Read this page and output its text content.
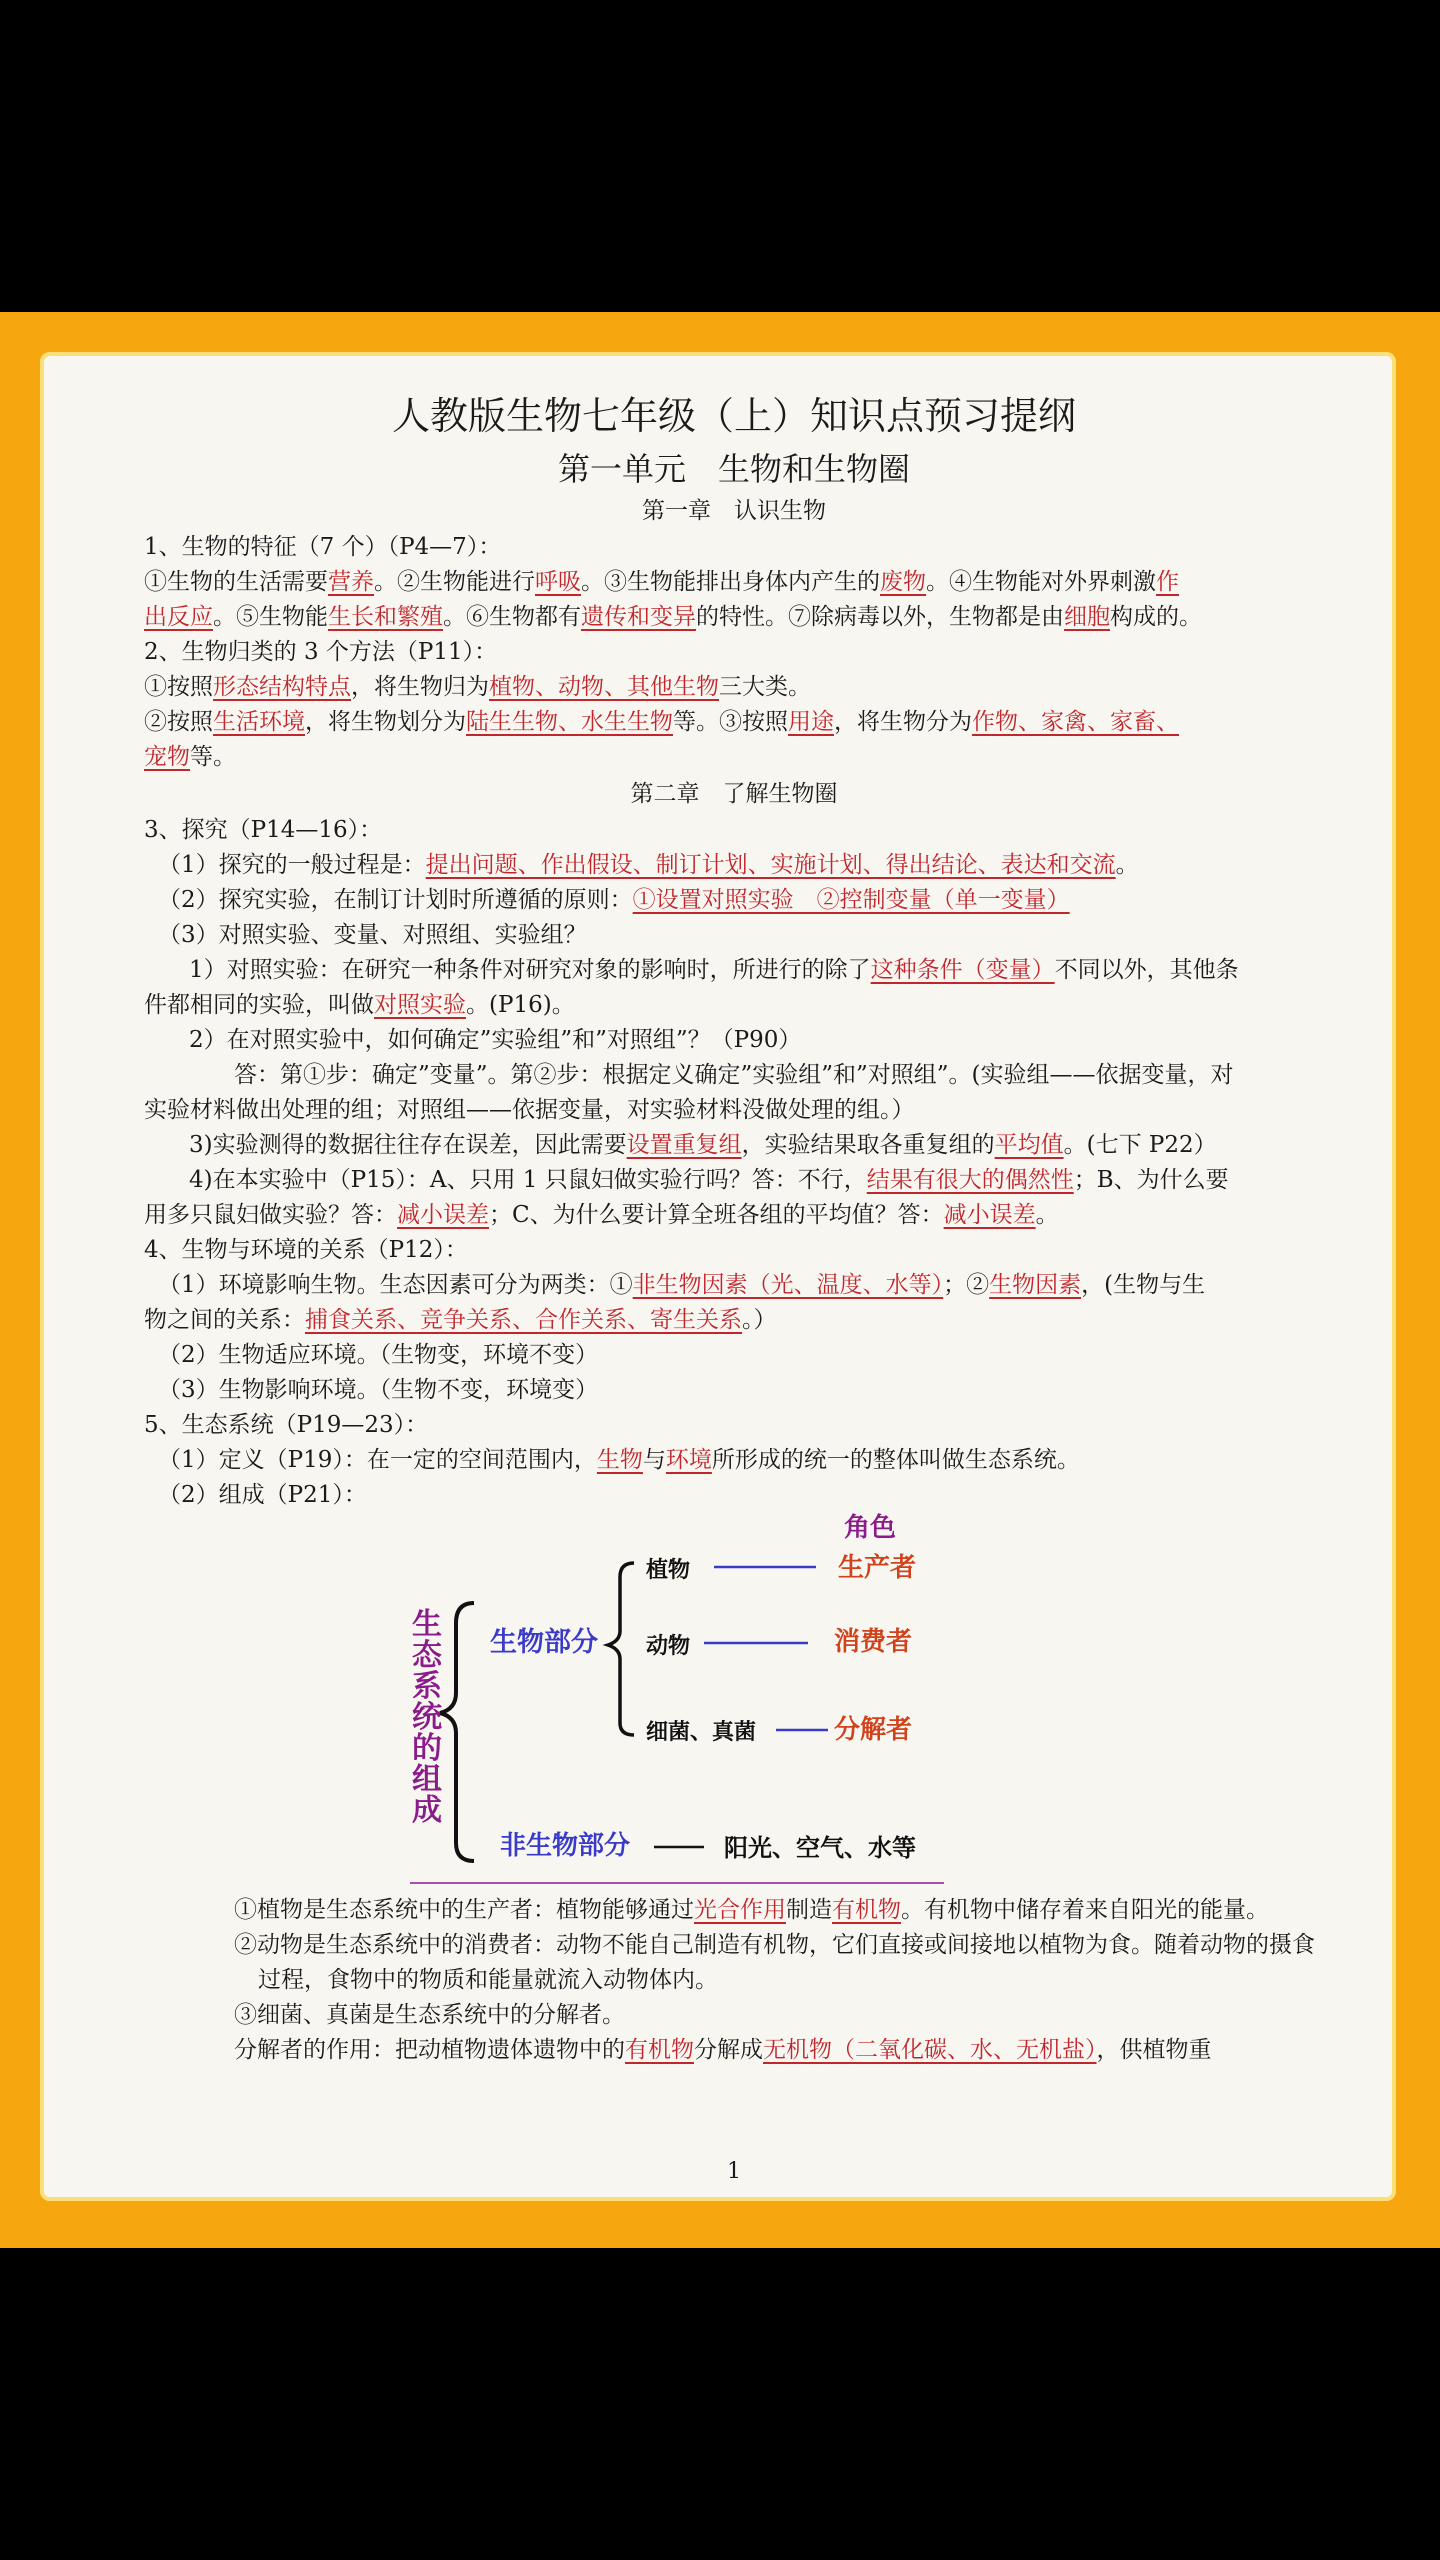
人教版生物七年级（上）知识点预习提纲
第一单元　生物和生物圈
第一章　认识生物
1、生物的特征（7 个）（P4—7）：
①生物的生活需要营养。②生物能进行呼吸。③生物能排出身体内产生的废物。④生物能对外界刺激作
出反应。⑤生物能生长和繁殖。⑥生物都有遗传和变异的特性。⑦除病毒以外，生物都是由细胞构成的。
2、生物归类的 3 个方法（P11）：
①按照形态结构特点，将生物归为植物、动物、其他生物三大类。
②按照生活环境，将生物划分为陆生生物、水生生物等。③按照用途，将生物分为作物、家禽、家畜、
宠物等。
第二章　了解生物圈
3、探究（P14—16）：
（1）探究的一般过程是：提出问题、作出假设、制订计划、实施计划、得出结论、表达和交流。
（2）探究实验，在制订计划时所遵循的原则：①设置对照实验　②控制变量（单一变量）
（3）对照实验、变量、对照组、实验组？
1）对照实验：在研究一种条件对研究对象的影响时，所进行的除了这种条件（变量）不同以外，其他条
件都相同的实验，叫做对照实验。(P16)。
2）在对照实验中，如何确定”实验组”和”对照组”？（P90）
答：第①步：确定”变量”。第②步：根据定义确定”实验组”和”对照组”。(实验组——依据变量，对
实验材料做出处理的组；对照组——依据变量，对实验材料没做处理的组。）
3)实验测得的数据往往存在误差，因此需要设置重复组，实验结果取各重复组的平均值。(七下 P22）
4)在本实验中（P15）：A、只用 1 只鼠妇做实验行吗？答：不行，结果有很大的偶然性；B、为什么要
用多只鼠妇做实验？答：减小误差；C、为什么要计算全班各组的平均值？答：减小误差。
4、生物与环境的关系（P12）：
（1）环境影响生物。生态因素可分为两类：①非生物因素（光、温度、水等）；②生物因素，(生物与生
物之间的关系：捕食关系、竞争关系、合作关系、寄生关系。）
（2）生物适应环境。（生物变，环境不变）
（3）生物影响环境。（生物不变，环境变）
5、生态系统（P19—23）：
（1）定义（P19）：在一定的空间范围内，生物与环境所形成的统一的整体叫做生态系统。
（2）组成（P21）：
生态系统的组成
生物部分
非生物部分	阳光、空气、水等
角色
植物	生产者
动物	消费者
细菌、真菌	分解者
①植物是生态系统中的生产者：植物能够通过光合作用制造有机物。有机物中储存着来自阳光的能量。
②动物是生态系统中的消费者：动物不能自己制造有机物，它们直接或间接地以植物为食。随着动物的摄食
过程，食物中的物质和能量就流入动物体内。
③细菌、真菌是生态系统中的分解者。
分解者的作用：把动植物遗体遗物中的有机物分解成无机物（二氧化碳、水、无机盐），供植物重
1
